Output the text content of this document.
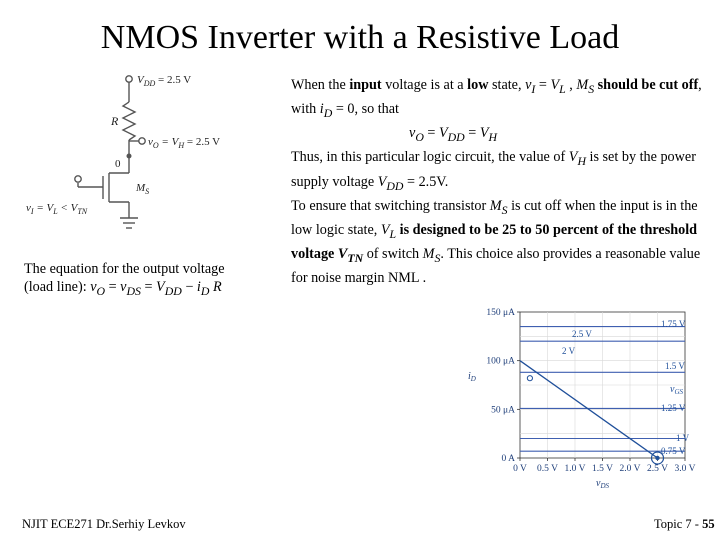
NMOS Inverter with a Resistive Load
$V_{DD} = 2.5$ V
R
$v_O = V_H = 2.5$ V
0
$M_S$
$v_I = V_L < V_{TN}$

When the input voltage is at a low state, $v_I = V_L$ , $M_S$ should be cut off, with $i_D = 0$, so that

$v_O = V_{DD} = V_H$

Thus, in this particular logic circuit, the value of $V_H$ is set by the power supply voltage $V_{DD} = 2.5V$.

To ensure that switching transistor $M_S$ is cut off when the input is in the low logic state, $V_L$ is designed to be 25 to 50 percent of the threshold voltage $V_{TN}$ of switch $M_S$. This choice also provides a reasonable value for noise margin NML .

The equation for the output voltage
(load line): $v_O = v_{DS} = V_{DD} - i_D$ R
0 V 0.5 V 1.0 V 1.5 V 2.0 V 2.5 V 3.0 V
0 A
50 μA
100 μA
150 μA
$v_{DS}$
$i_D$
2.5 V
2 V
1.75 V
1.5 V
1.25 V
1 V
0.75 V
$v_{GS}$
NJIT ECE271 Dr.Serhiy Levkov	Topic 7 - 55
